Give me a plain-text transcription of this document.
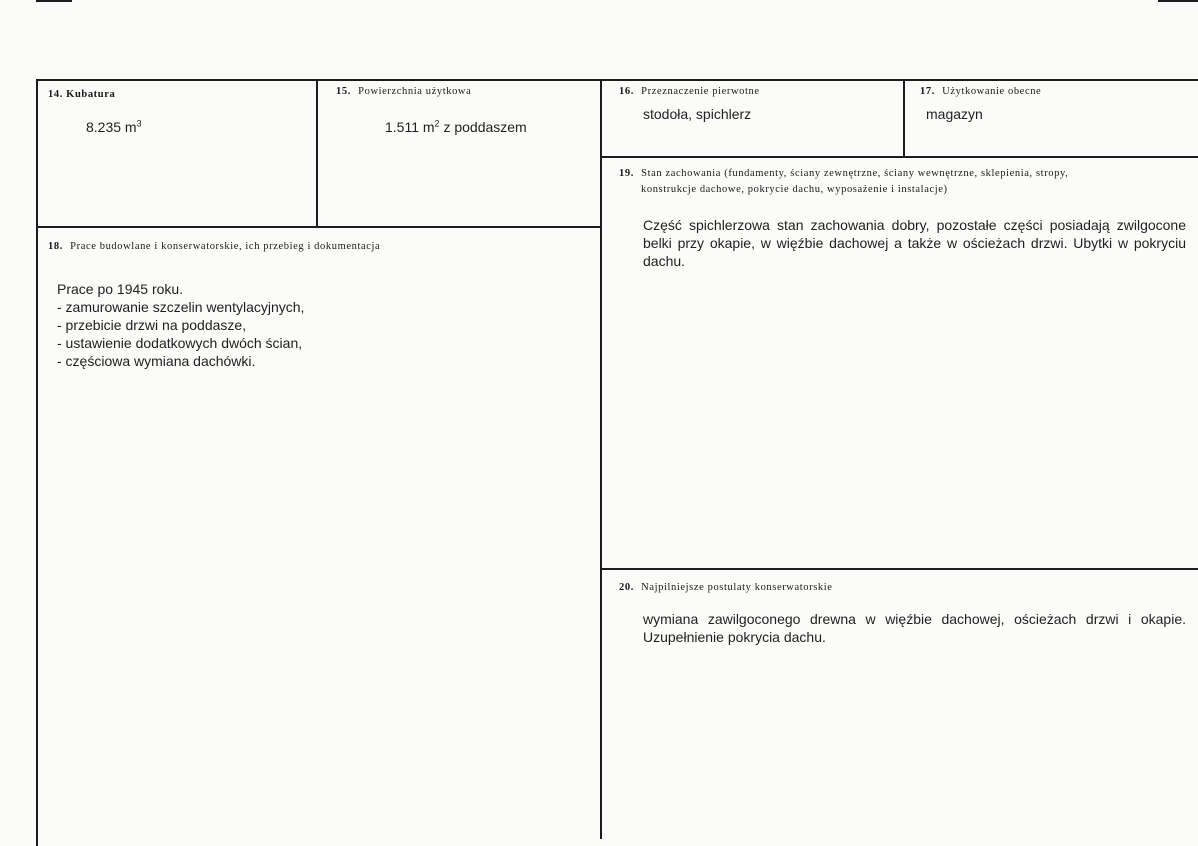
14. Kubatura
8.235 $m^3$
15. Powierzchnia użytkowa
1.511 $m^2$ z poddaszem
16. Przeznaczenie pierwotne
stodoła, spichlerz
17. Użytkowanie obecne
magazyn
18. Prace budowlane i konserwatorskie, ich przebieg i dokumentacja
Prace po 1945 roku.
- zamurowanie szczelin wentylacyjnych,
- przebicie drzwi na poddasze,
- ustawienie dodatkowych dwóch ścian,
- częściowa wymiana dachówki.
19. Stan zachowania (fundamenty, ściany zewnętrzne, ściany wewnętrzne, sklepienia, stropy,
konstrukcje dachowe, pokrycie dachu, wyposażenie i instalacje)
Część spichlerzowa stan zachowania dobry, pozostałe części posiadają zwilgocone belki przy okapie, w więźbie dachowej a także w ościeżach drzwi. Ubytki w pokryciu dachu.
20. Najpilniejsze postulaty konserwatorskie
wymiana zawilgoconego drewna w więźbie dachowej, ościeżach drzwi i okapie. Uzupełnienie pokrycia dachu.
